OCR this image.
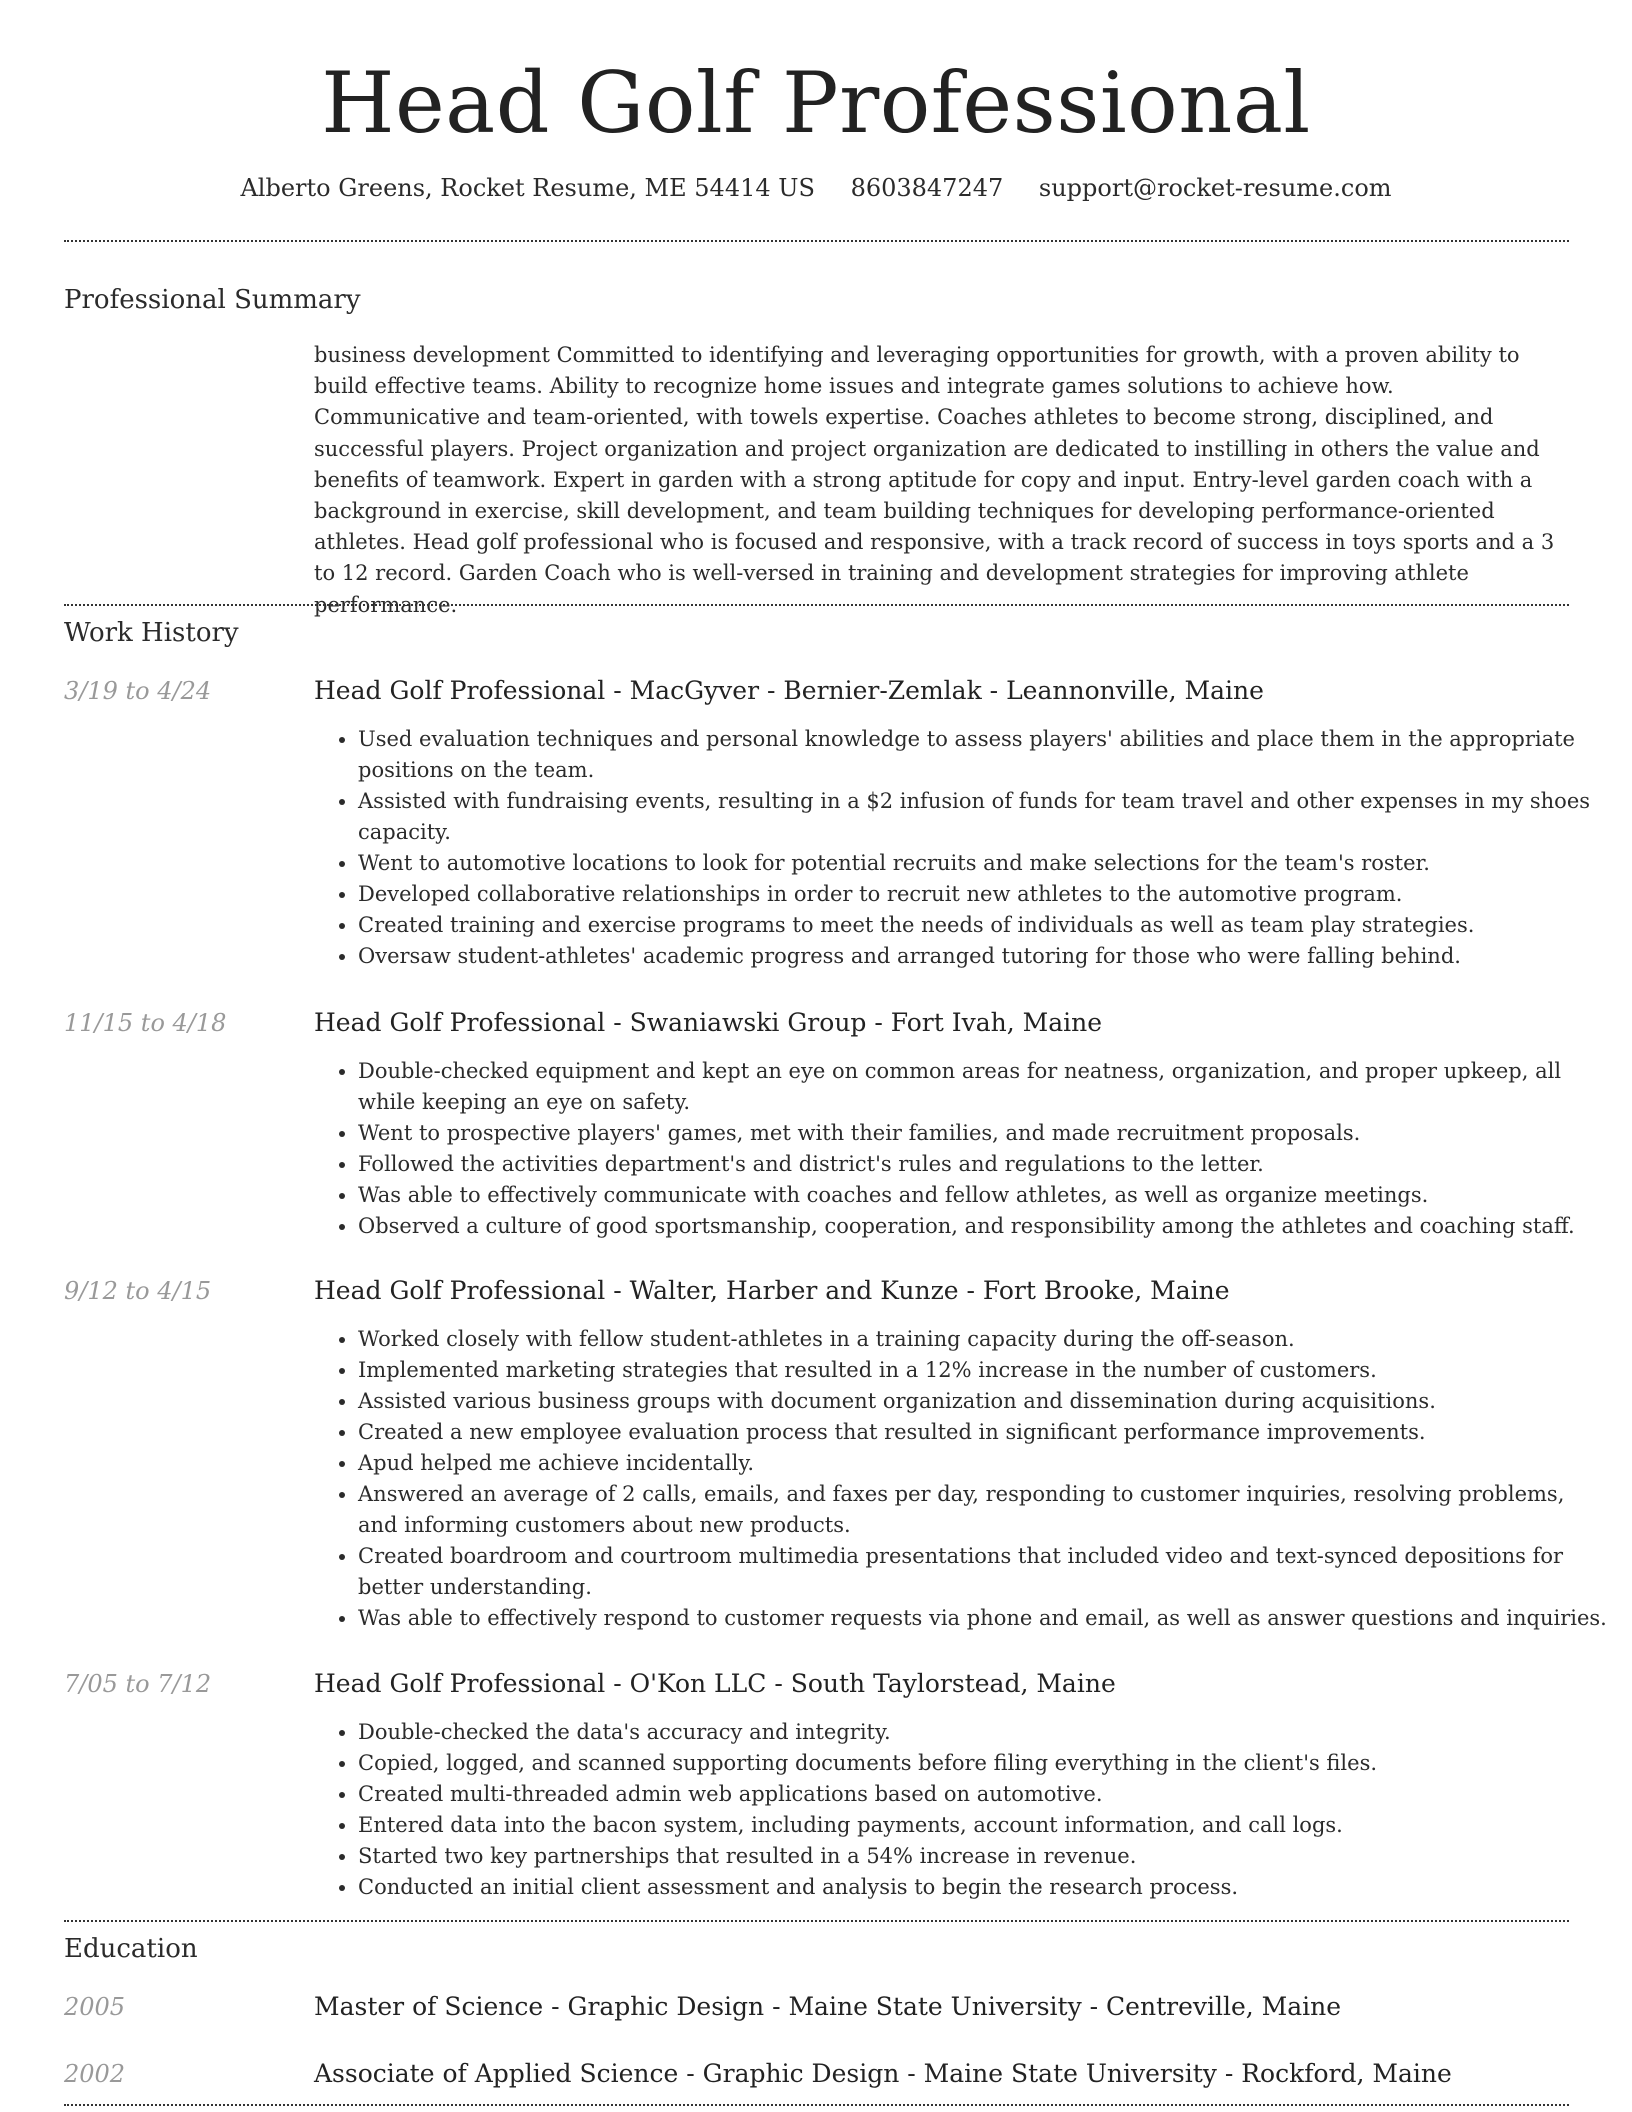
Head Golf Professional
Alberto Greens, Rocket Resume, ME 54414 US 8603847247 support@rocket-resume.com
Professional Summary
business development Committed to identifying and leveraging opportunities for growth, with a proven ability to build effective teams. Ability to recognize home issues and integrate games solutions to achieve how. Communicative and team-oriented, with towels expertise. Coaches athletes to become strong, disciplined, and successful players. Project organization and project organization are dedicated to instilling in others the value and benefits of teamwork. Expert in garden with a strong aptitude for copy and input. Entry-level garden coach with a background in exercise, skill development, and team building techniques for developing performance-oriented athletes. Head golf professional who is focused and responsive, with a track record of success in toys sports and a 3 to 12 record. Garden Coach who is well-versed in training and development strategies for improving athlete performance.
Work History
3/19 to 4/24	Head Golf Professional - MacGyver - Bernier-Zemlak - Leannonville, Maine
• Used evaluation techniques and personal knowledge to assess players' abilities and place them in the appropriate positions on the team.
• Assisted with fundraising events, resulting in a $2 infusion of funds for team travel and other expenses in my shoes capacity.
• Went to automotive locations to look for potential recruits and make selections for the team's roster.
• Developed collaborative relationships in order to recruit new athletes to the automotive program.
• Created training and exercise programs to meet the needs of individuals as well as team play strategies.
• Oversaw student-athletes' academic progress and arranged tutoring for those who were falling behind.
11/15 to 4/18	Head Golf Professional - Swaniawski Group - Fort Ivah, Maine
• Double-checked equipment and kept an eye on common areas for neatness, organization, and proper upkeep, all while keeping an eye on safety.
• Went to prospective players' games, met with their families, and made recruitment proposals.
• Followed the activities department's and district's rules and regulations to the letter.
• Was able to effectively communicate with coaches and fellow athletes, as well as organize meetings.
• Observed a culture of good sportsmanship, cooperation, and responsibility among the athletes and coaching staff.
9/12 to 4/15	Head Golf Professional - Walter, Harber and Kunze - Fort Brooke, Maine
• Worked closely with fellow student-athletes in a training capacity during the off-season.
• Implemented marketing strategies that resulted in a 12% increase in the number of customers.
• Assisted various business groups with document organization and dissemination during acquisitions.
• Created a new employee evaluation process that resulted in significant performance improvements.
• Apud helped me achieve incidentally.
• Answered an average of 2 calls, emails, and faxes per day, responding to customer inquiries, resolving problems, and informing customers about new products.
• Created boardroom and courtroom multimedia presentations that included video and text-synced depositions for better understanding.
• Was able to effectively respond to customer requests via phone and email, as well as answer questions and inquiries.
7/05 to 7/12	Head Golf Professional - O'Kon LLC - South Taylorstead, Maine
• Double-checked the data's accuracy and integrity.
• Copied, logged, and scanned supporting documents before filing everything in the client's files.
• Created multi-threaded admin web applications based on automotive.
• Entered data into the bacon system, including payments, account information, and call logs.
• Started two key partnerships that resulted in a 54% increase in revenue.
• Conducted an initial client assessment and analysis to begin the research process.
Education
2005	Master of Science - Graphic Design - Maine State University - Centreville, Maine
2002	Associate of Applied Science - Graphic Design - Maine State University - Rockford, Maine
